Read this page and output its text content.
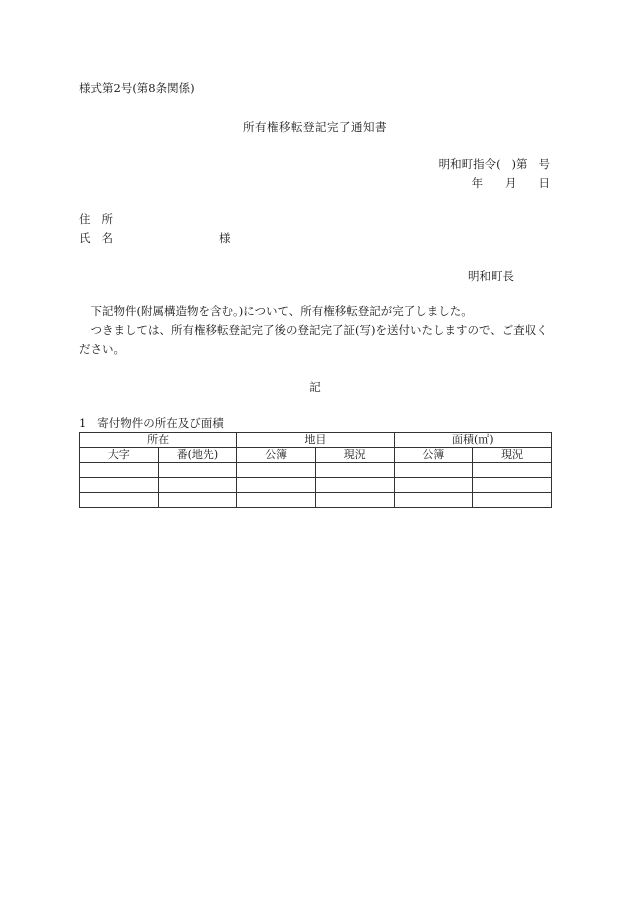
様式第2号(第8条関係)
所有権移転登記完了通知書
明和町指令(   )第   号
年      月      日
住   所
氏   名	様
明和町長

下記物件(附属構造物を含む。)について、所有権移転登記が完了しました。

つきましては、所有権移転登記完了後の登記完了証(写)を送付いたしますので、ご査収ください。

記
1   寄付物件の所在及び面積
所在		地目		面積(㎡)	
大字	番(地先)	公簿	現況	公簿	現況
